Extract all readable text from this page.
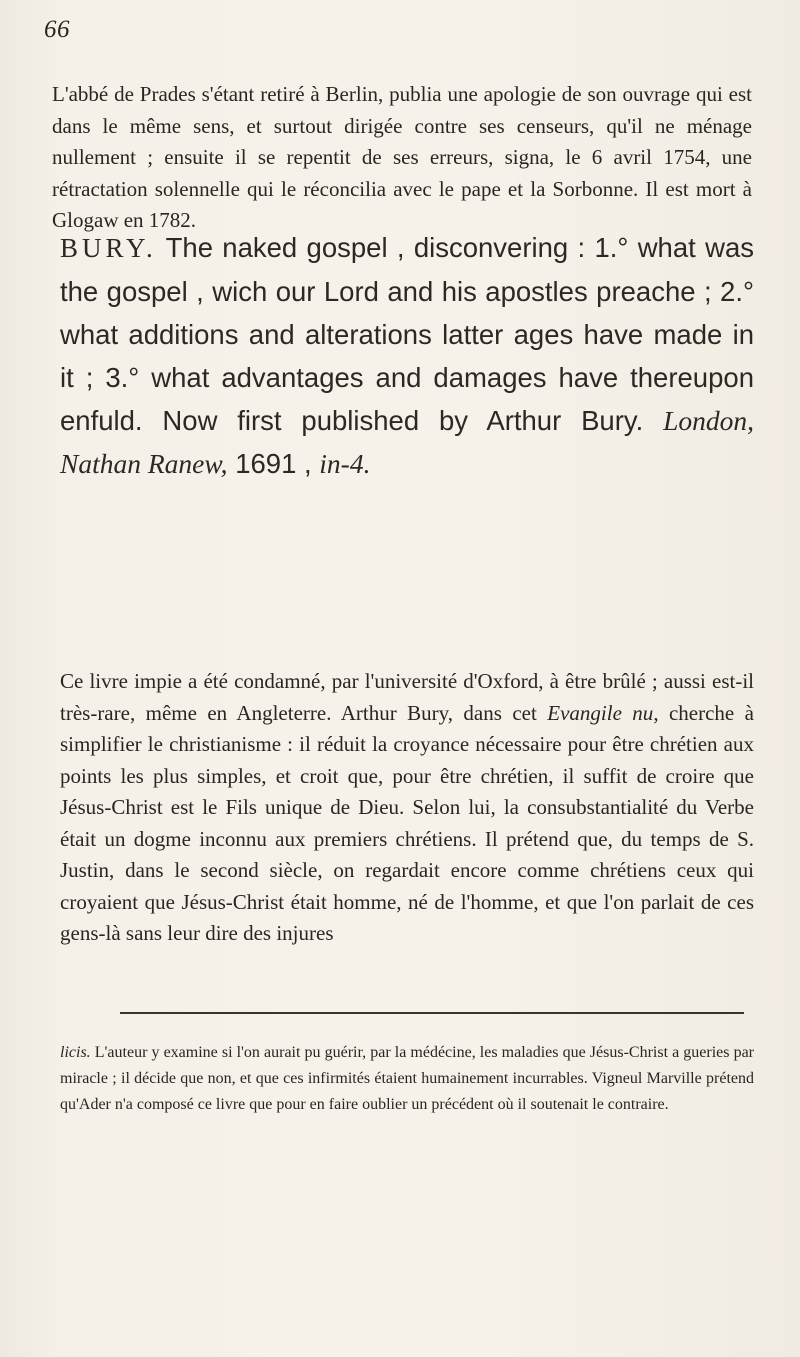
66

L'abbé de Prades s'étant retiré à Berlin, publia une apologie de son ouvrage qui est dans le même sens, et surtout dirigée contre ses censeurs, qu'il ne ménage nullement ; ensuite il se repentit de ses erreurs, signa, le 6 avril 1754, une rétractation solennelle qui le réconcilia avec le pape et la Sorbonne. Il est mort à Glogaw en 1782.

BURY. The naked gospel , disconvering : 1.° what was the gospel , wich our Lord and his apostles preache ; 2.° what additions and alterations latter ages have made in it ; 3.° what advantages and damages have thereupon enfuld. Now first published by Arthur Bury. London, Nathan Ranew, 1691 , in-4.

Ce livre impie a été condamné, par l'université d'Oxford, à être brûlé ; aussi est-il très-rare, même en Angleterre. Arthur Bury, dans cet Evangile nu, cherche à simplifier le christianisme : il réduit la croyance nécessaire pour être chrétien aux points les plus simples, et croit que, pour être chrétien, il suffit de croire que Jésus-Christ est le Fils unique de Dieu. Selon lui, la consubstantialité du Verbe était un dogme inconnu aux premiers chrétiens. Il prétend que, du temps de S. Justin, dans le second siècle, on regardait encore comme chrétiens ceux qui croyaient que Jésus-Christ était homme, né de l'homme, et que l'on parlait de ces gens-là sans leur dire des injures

licis. L'auteur y examine si l'on aurait pu guérir, par la médécine, les maladies que Jésus-Christ a gueries par miracle ; il décide que non, et que ces infirmités étaient humainement incurrables. Vigneul Marville prétend qu'Ader n'a composé ce livre que pour en faire oublier un précédent où il soutenait le contraire.
